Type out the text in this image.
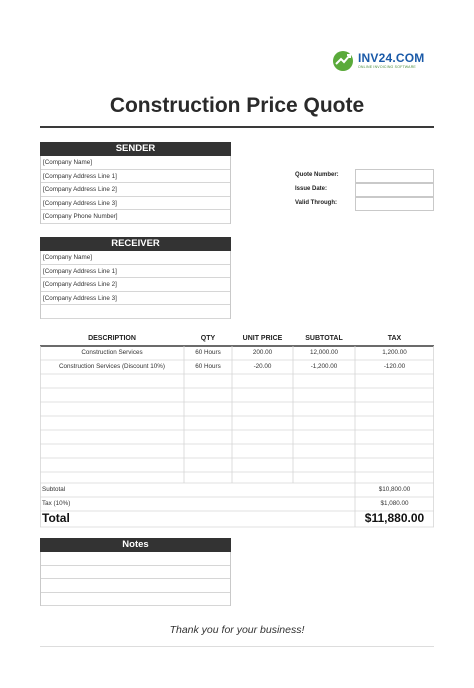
INV24.COM
ONLINE INVOICING SOFTWARE
Construction Price Quote
SENDER
[Company Name]
[Company Address Line 1]
[Company Address Line 2]
[Company Address Line 3]
[Company Phone Number]
Quote Number:
Issue Date:
Valid Through:
RECEIVER
[Company Name]
[Company Address Line 1]
[Company Address Line 2]
[Company Address Line 3]
DESCRIPTION	QTY	UNIT PRICE	SUBTOTAL	TAX
Construction Services	60 Hours	200.00	12,000.00	1,200.00
Construction Services (Discount 10%)	60 Hours	-20.00	-1,200.00	-120.00
Subtotal	$10,800.00
Tax (10%)	$1,080.00
Total	$11,880.00
Notes
Thank you for your business!
